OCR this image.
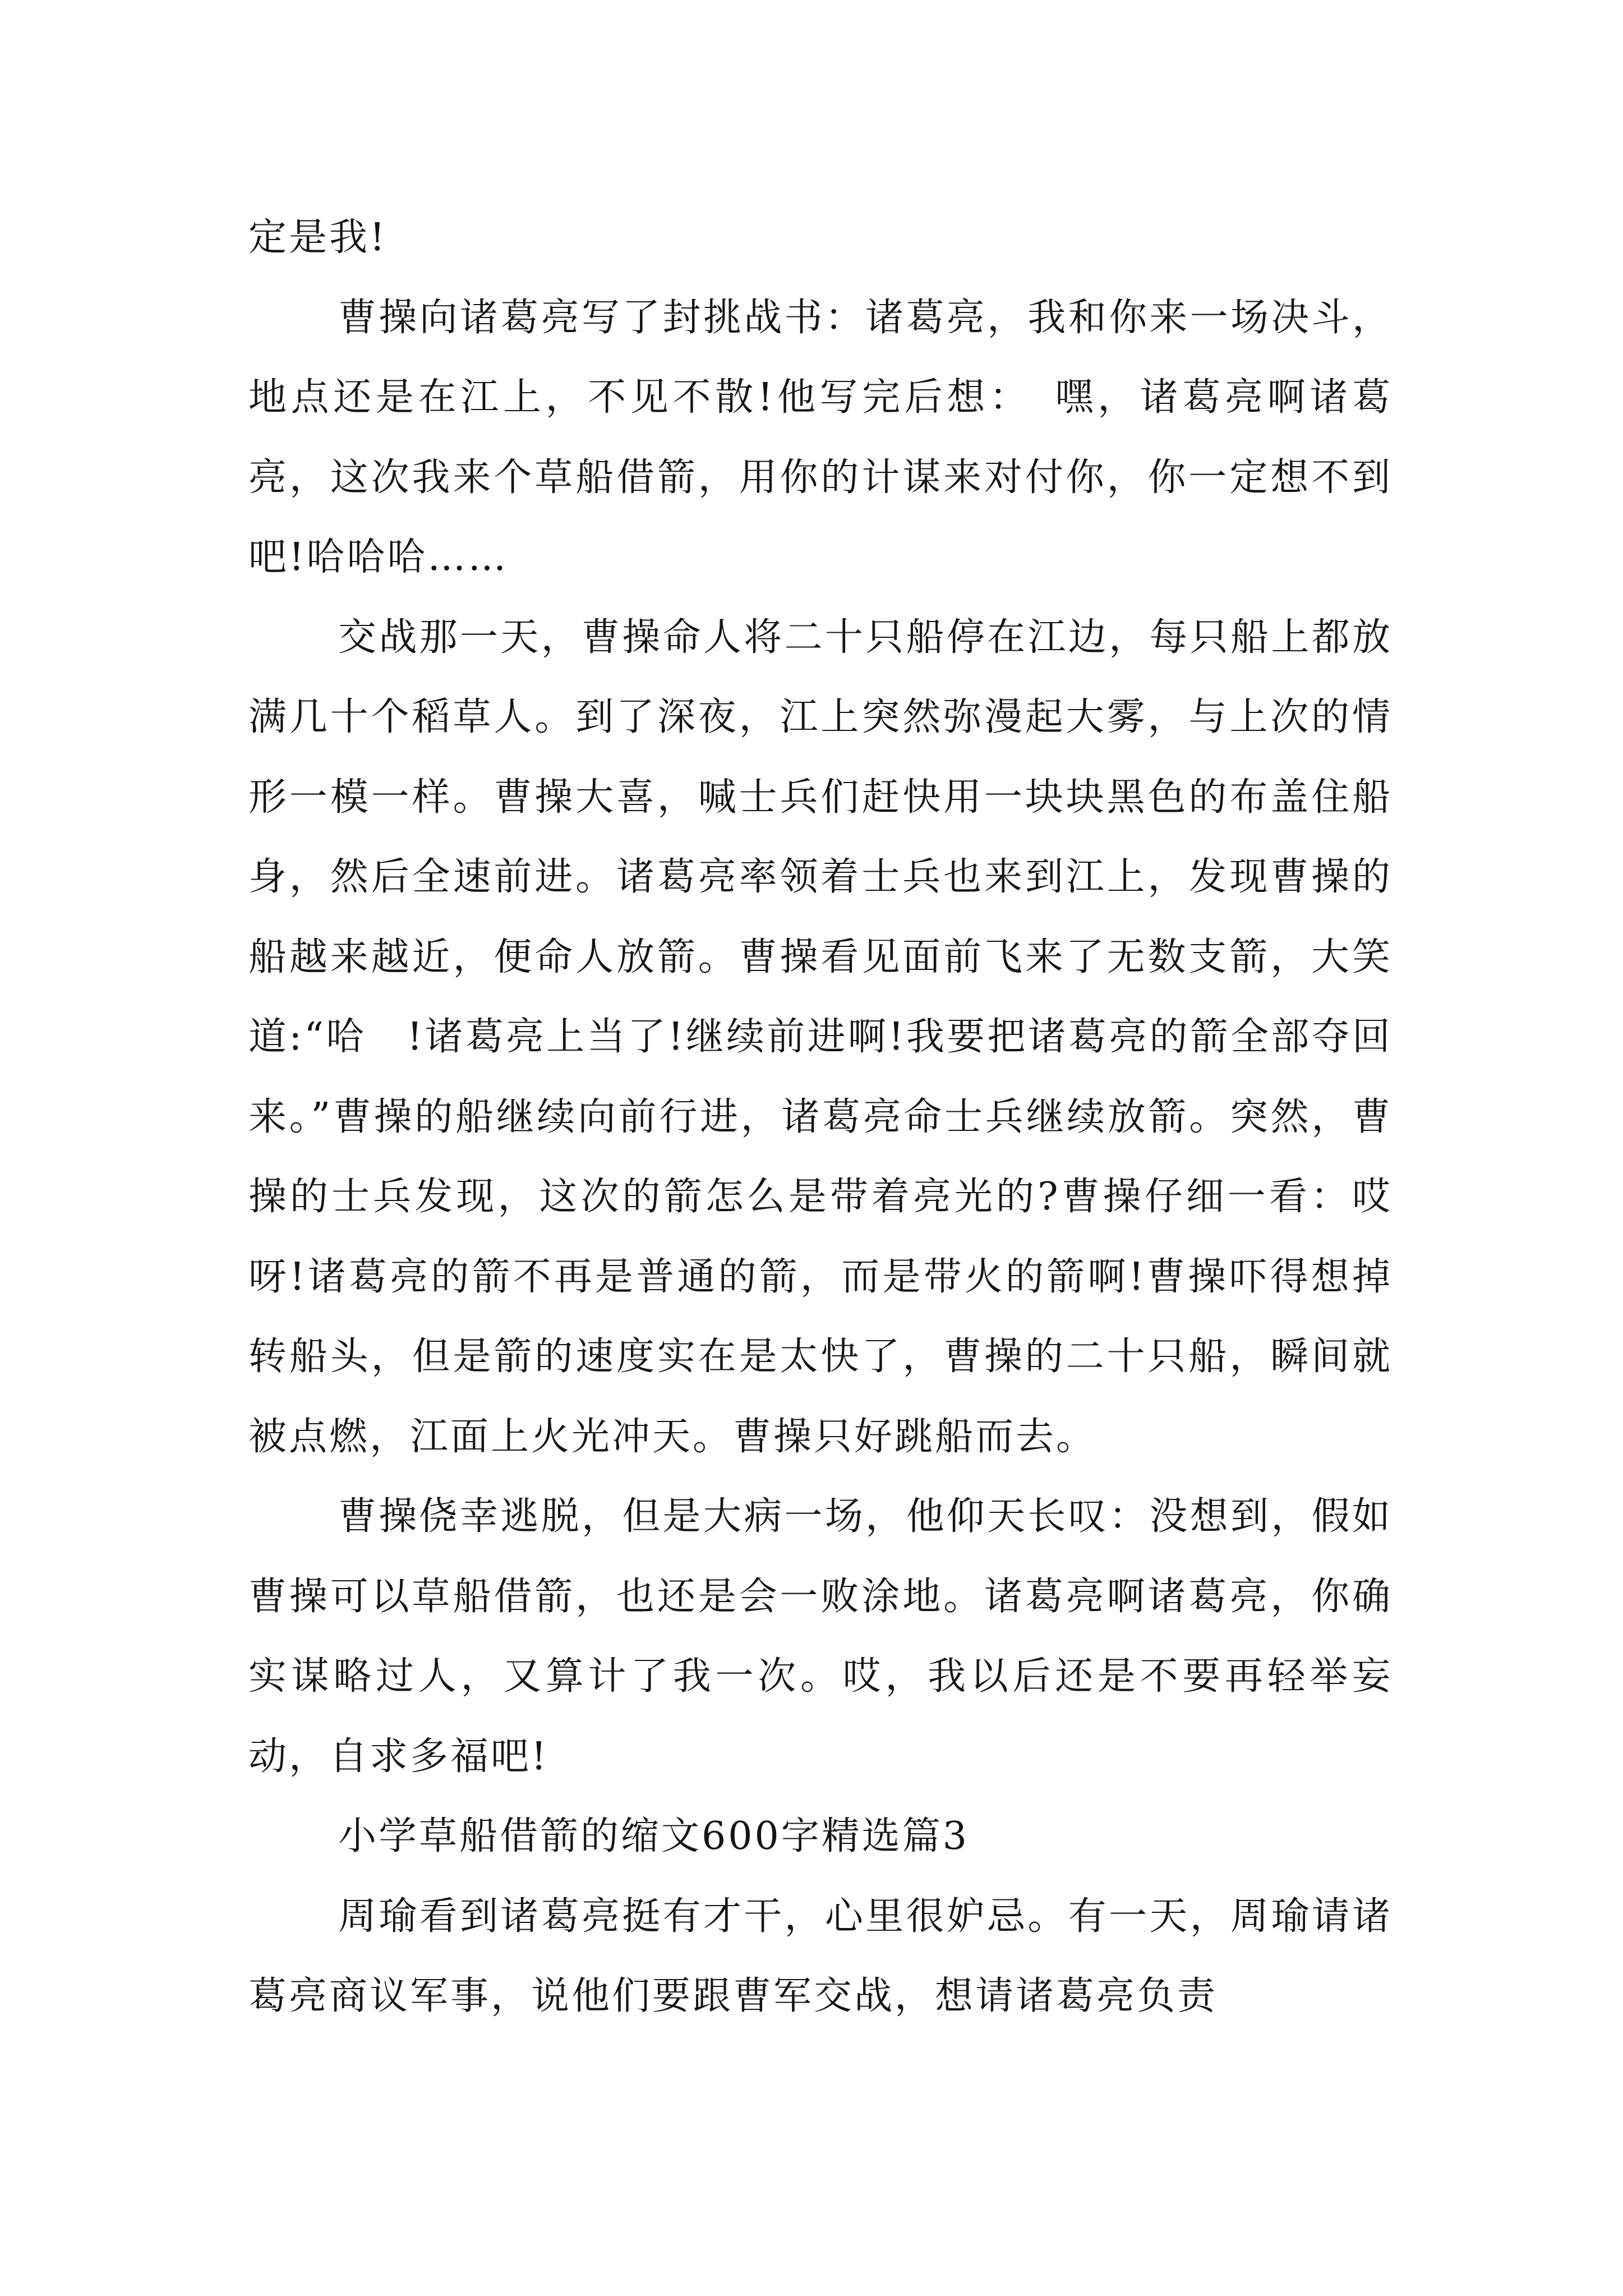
定是我!

曹操向诸葛亮写了封挑战书：诸葛亮，我和你来一场决斗，地点还是在江上，不见不散!他写完后想：　嘿，诸葛亮啊诸葛亮，这次我来个草船借箭，用你的计谋来对付你，你一定想不到吧!哈哈哈……

交战那一天，曹操命人将二十只船停在江边，每只船上都放满几十个稻草人。到了深夜，江上突然弥漫起大雾，与上次的情形一模一样。曹操大喜，喊士兵们赶快用一块块黑色的布盖住船身，然后全速前进。诸葛亮率领着士兵也来到江上，发现曹操的船越来越近，便命人放箭。曹操看见面前飞来了无数支箭，大笑道:“哈　!诸葛亮上当了!继续前进啊!我要把诸葛亮的箭全部夺回来。”曹操的船继续向前行进，诸葛亮命士兵继续放箭。突然，曹操的士兵发现，这次的箭怎么是带着亮光的?曹操仔细一看：哎呀!诸葛亮的箭不再是普通的箭，而是带火的箭啊!曹操吓得想掉转船头，但是箭的速度实在是太快了，曹操的二十只船，瞬间就被点燃，江面上火光冲天。曹操只好跳船而去。

曹操侥幸逃脱，但是大病一场，他仰天长叹：没想到，假如曹操可以草船借箭，也还是会一败涂地。诸葛亮啊诸葛亮，你确实谋略过人，又算计了我一次。哎，我以后还是不要再轻举妄动，自求多福吧!

小学草船借箭的缩文600字精选篇3

周瑜看到诸葛亮挺有才干，心里很妒忌。有一天，周瑜请诸葛亮商议军事，说他们要跟曹军交战，想请诸葛亮负责
